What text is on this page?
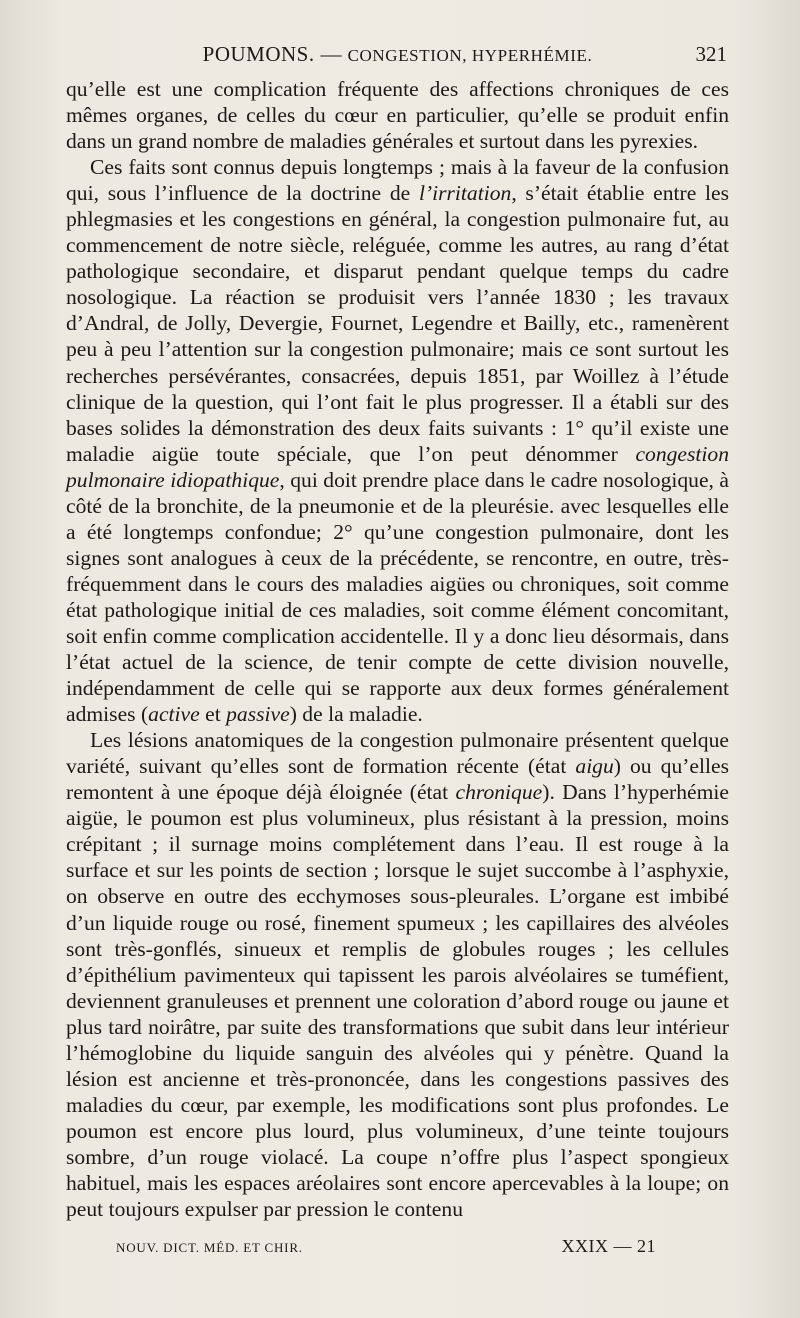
POUMONS. — CONGESTION, HYPERHÉMIE.	321

qu’elle est une complication fréquente des affections chroniques de ces mêmes organes, de celles du cœur en particulier, qu’elle se produit enfin dans un grand nombre de maladies générales et surtout dans les pyrexies.

Ces faits sont connus depuis longtemps ; mais à la faveur de la confusion qui, sous l’influence de la doctrine de l’irritation, s’était établie entre les phlegmasies et les congestions en général, la congestion pulmonaire fut, au commencement de notre siècle, reléguée, comme les autres, au rang d’état pathologique secondaire, et disparut pendant quelque temps du cadre nosologique. La réaction se produisit vers l’année 1830 ; les travaux d’Andral, de Jolly, Devergie, Fournet, Legendre et Bailly, etc., ramenèrent peu à peu l’attention sur la congestion pulmonaire; mais ce sont surtout les recherches persévérantes, consacrées, depuis 1851, par Woillez à l’étude clinique de la question, qui l’ont fait le plus progresser. Il a établi sur des bases solides la démonstration des deux faits suivants : 1° qu’il existe une maladie aigüe toute spéciale, que l’on peut dénommer congestion pulmonaire idiopathique, qui doit prendre place dans le cadre nosologique, à côté de la bronchite, de la pneumonie et de la pleurésie. avec lesquelles elle a été longtemps confondue; 2° qu’une congestion pulmonaire, dont les signes sont analogues à ceux de la précédente, se rencontre, en outre, très-fréquemment dans le cours des maladies aigües ou chroniques, soit comme état pathologique initial de ces maladies, soit comme élément concomitant, soit enfin comme complication accidentelle. Il y a donc lieu désormais, dans l’état actuel de la science, de tenir compte de cette division nouvelle, indépendamment de celle qui se rapporte aux deux formes généralement admises (active et passive) de la maladie.

Les lésions anatomiques de la congestion pulmonaire présentent quelque variété, suivant qu’elles sont de formation récente (état aigu) ou qu’elles remontent à une époque déjà éloignée (état chronique). Dans l’hyperhémie aigüe, le poumon est plus volumineux, plus résistant à la pression, moins crépitant ; il surnage moins complétement dans l’eau. Il est rouge à la surface et sur les points de section ; lorsque le sujet succombe à l’asphyxie, on observe en outre des ecchymoses sous-pleurales. L’organe est imbibé d’un liquide rouge ou rosé, finement spumeux ; les capillaires des alvéoles sont très-gonflés, sinueux et remplis de globules rouges ; les cellules d’épithélium pavimenteux qui tapissent les parois alvéolaires se tuméfient, deviennent granuleuses et prennent une coloration d’abord rouge ou jaune et plus tard noirâtre, par suite des transformations que subit dans leur intérieur l’hémoglobine du liquide sanguin des alvéoles qui y pénètre. Quand la lésion est ancienne et très-prononcée, dans les congestions passives des maladies du cœur, par exemple, les modifications sont plus profondes. Le poumon est encore plus lourd, plus volumineux, d’une teinte toujours sombre, d’un rouge violacé. La coupe n’offre plus l’aspect spongieux habituel, mais les espaces aréolaires sont encore apercevables à la loupe; on peut toujours expulser par pression le contenu

NOUV. DICT. MÉD. ET CHIR.	XXIX — 21
